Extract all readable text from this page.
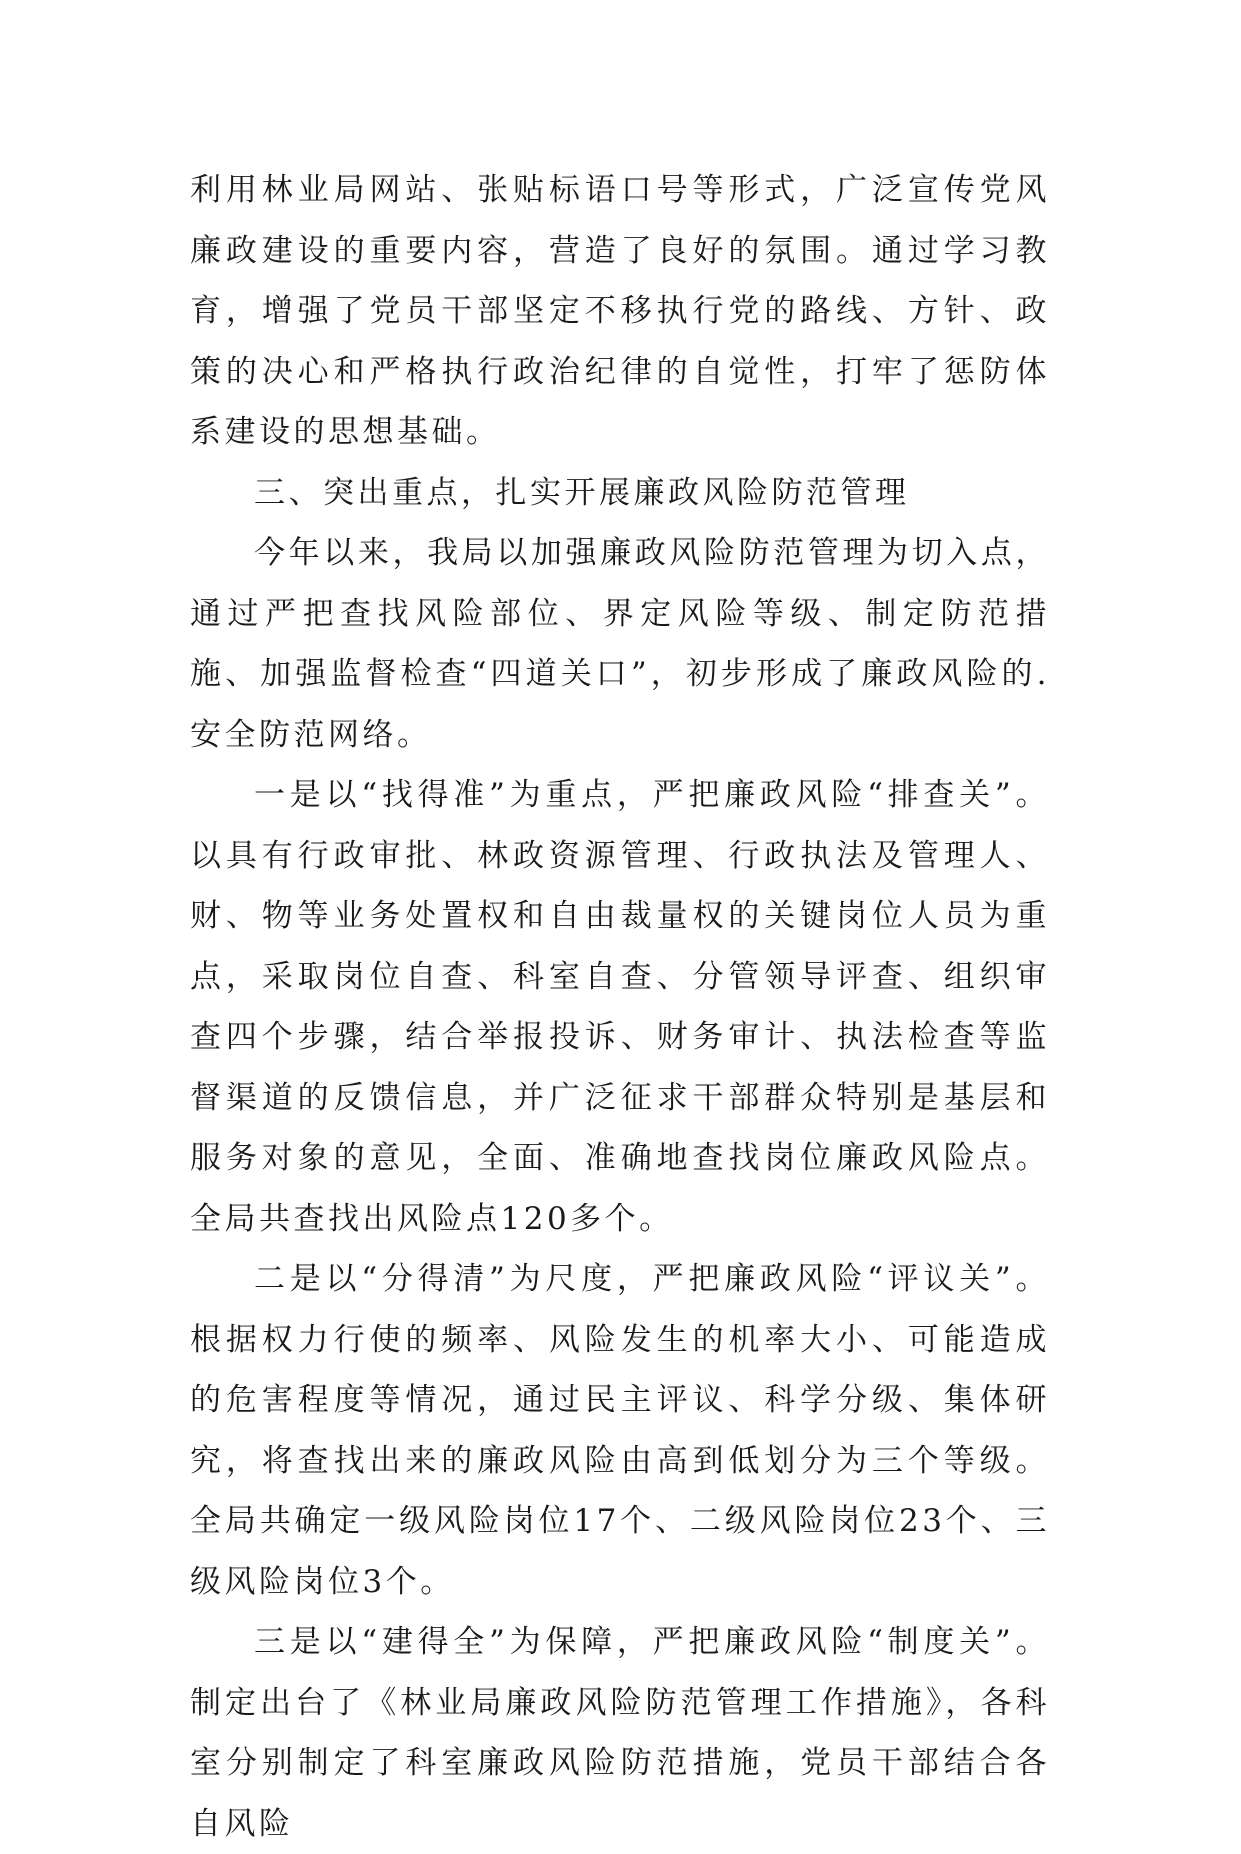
利用林业局网站、张贴标语口号等形式，广泛宣传党风廉政建设的重要内容，营造了良好的氛围。通过学习教育，增强了党员干部坚定不移执行党的路线、方针、政策的决心和严格执行政治纪律的自觉性，打牢了惩防体系建设的思想基础。

三、突出重点，扎实开展廉政风险防范管理

今年以来，我局以加强廉政风险防范管理为切入点，通过严把查找风险部位、界定风险等级、制定防范措施、加强监督检查“四道关口”，初步形成了廉政风险的.安全防范网络。

一是以“找得准”为重点，严把廉政风险“排查关”。以具有行政审批、林政资源管理、行政执法及管理人、财、物等业务处置权和自由裁量权的关键岗位人员为重点，采取岗位自查、科室自查、分管领导评查、组织审查四个步骤，结合举报投诉、财务审计、执法检查等监督渠道的反馈信息，并广泛征求干部群众特别是基层和服务对象的意见，全面、准确地查找岗位廉政风险点。全局共查找出风险点120多个。

二是以“分得清”为尺度，严把廉政风险“评议关”。根据权力行使的频率、风险发生的机率大小、可能造成的危害程度等情况，通过民主评议、科学分级、集体研究，将查找出来的廉政风险由高到低划分为三个等级。全局共确定一级风险岗位17个、二级风险岗位23个、三级风险岗位3个。

三是以“建得全”为保障，严把廉政风险“制度关”。制定出台了《林业局廉政风险防范管理工作措施》，各科室分别制定了科室廉政风险防范措施，党员干部结合各自风险
